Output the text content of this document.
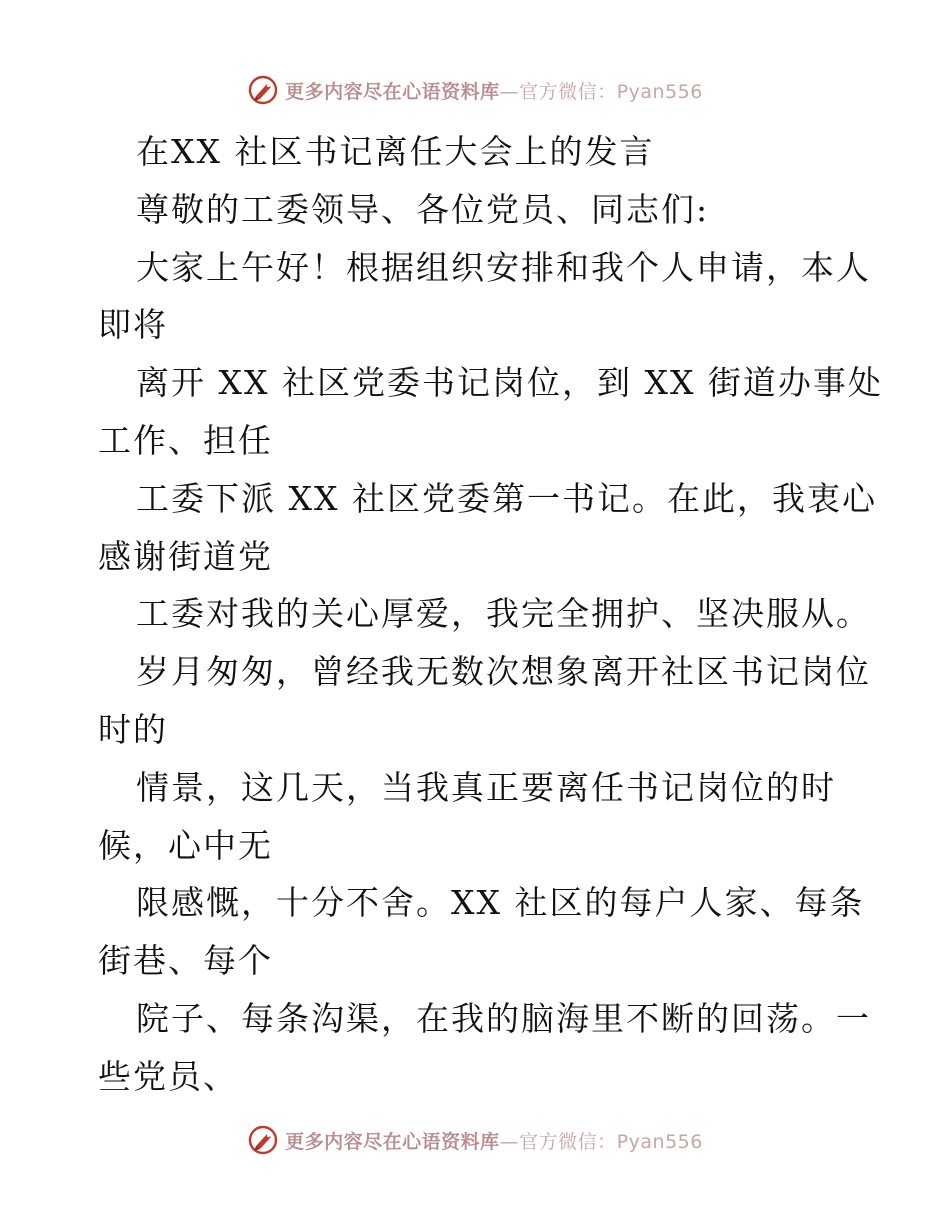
更多内容尽在心语资料库—官方微信：Pyan556
在XX 社区书记离任大会上的发言
尊敬的工委领导、各位党员、同志们:
大家上午好！根据组织安排和我个人申请，本人
即将
离开 XX 社区党委书记岗位，到 XX 街道办事处
工作、担任
工委下派 XX 社区党委第一书记。在此，我衷心
感谢街道党
工委对我的关心厚爱，我完全拥护、坚决服从。
岁月匆匆，曾经我无数次想象离开社区书记岗位
时的
情景，这几天，当我真正要离任书记岗位的时
候，心中无
限感慨，十分不舍。XX 社区的每户人家、每条
街巷、每个
院子、每条沟渠，在我的脑海里不断的回荡。一
些党员、
更多内容尽在心语资料库—官方微信：Pyan556
